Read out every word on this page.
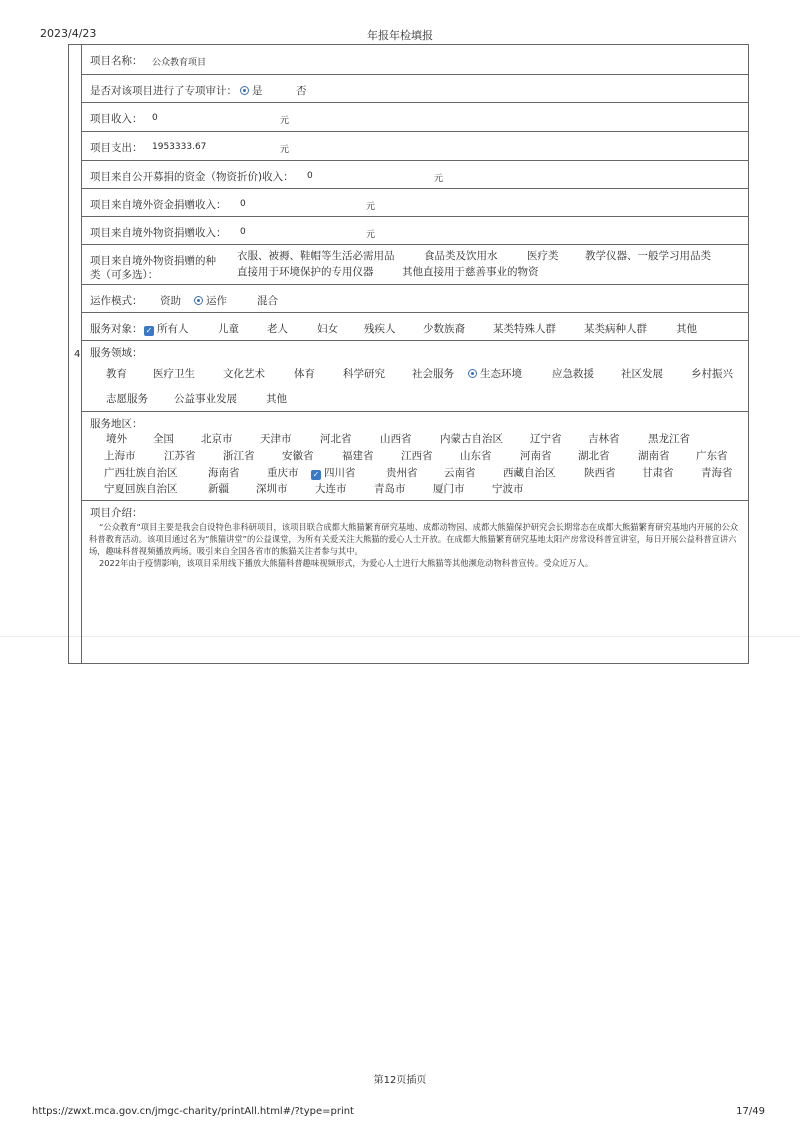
2023/4/23	年报年检填报
4
项目名称： 公众教育项目
是否对该项目进行了专项审计： 是	否
项目收入： 0	元
项目支出： 1953333.67	元
项目来自公开募捐的资金（物资折价)收入： 0	元
项目来自境外资金捐赠收入： 0	元
项目来自境外物资捐赠收入： 0	元
项目来自境外物资捐赠的种
类（可多选）：
衣服、被褥、鞋帽等生活必需用品	食品类及饮用水	医疗类	教学仪器、一般学习用品类
直接用于环境保护的专用仪器	其他直接用于慈善事业的物资
运作模式： 资助	运作	混合
服务对象： ✓ 所有人	儿童	老人	妇女 残疾人	少数族裔	某类特殊人群	某类病种人群	其他
服务领域：
教育 医疗卫生	文化艺术	体育	科学研究	社会服务	生态环境	应急救援	社区发展	乡村振兴
志愿服务 公益事业发展	其他
服务地区：
境外 全国	北京市	天津市	河北省	山西省	内蒙古自治区	辽宁省	吉林省	黑龙江省
上海市	江苏省	浙江省	安徽省	福建省	江西省	山东省	河南省	湖北省	湖南省	广东省
广西壮族自治区	海南省	重庆市 ✓ 四川省	贵州省	云南省	西藏自治区	陕西省	甘肃省	青海省
宁夏回族自治区	新疆	深圳市	大连市	青岛市	厦门市	宁波市
项目介绍：

“公众教育“项目主要是我会自设特色非科研项目，该项目联合成都大熊猫繁育研究基地、成都动物园、成都大熊猫保护研究会长期常态在成都大熊猫繁育研究基地内开展的公众科普教育活动。该项目通过名为“熊猫讲堂”的公益课堂，为所有关爱关注大熊猫的爱心人士开放。在成都大熊猫繁育研究基地太阳产房常设科普宣讲室，每日开展公益科普宣讲六场，趣味科普视频播放两场。吸引来自全国各省市的熊猫关注者参与其中。

2022年由于疫情影响，该项目采用线下播放大熊猫科普趣味视频形式，为爱心人士进行大熊猫等其他濒危动物科普宣传。受众近万人。

第12页插页
https://zwxt.mca.gov.cn/jmgc-charity/printAll.html#/?type=print	17/49
